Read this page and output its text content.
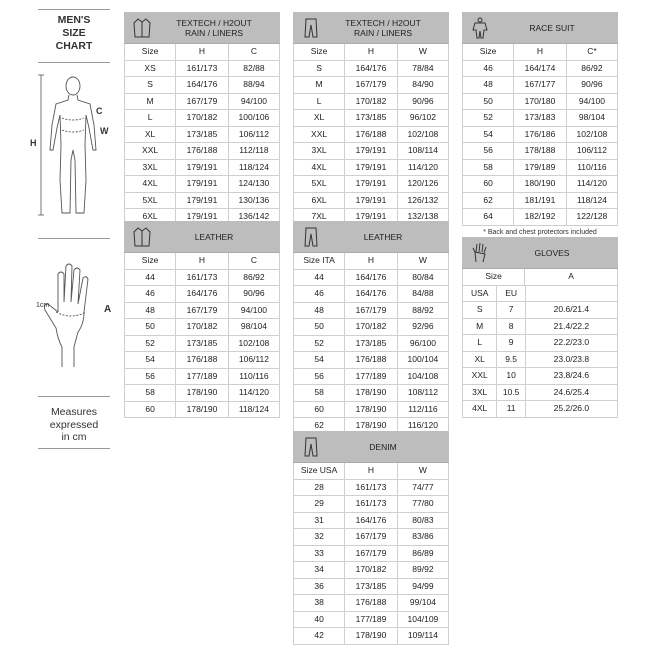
MEN'S
SIZE
CHART
H
C
W
1cm	A
Measures
expressed
in cm
TEXTECH / H2OUT
RAIN / LINERS
Size	H	C
XS	161/173	82/88
S	164/176	88/94
M	167/179	94/100
L	170/182	100/106
XL	173/185	106/112
XXL	176/188	112/118
3XL	179/191	118/124
4XL	179/191	124/130
5XL	179/191	130/136
6XL	179/191	136/142
LEATHER
Size	H	C
44	161/173	86/92
46	164/176	90/96
48	167/179	94/100
50	170/182	98/104
52	173/185	102/108
54	176/188	106/112
56	177/189	110/116
58	178/190	114/120
60	178/190	118/124
TEXTECH / H2OUT
RAIN / LINERS
Size	H	W
S	164/176	78/84
M	167/179	84/90
L	170/182	90/96
XL	173/185	96/102
XXL	176/188	102/108
3XL	179/191	108/114
4XL	179/191	114/120
5XL	179/191	120/126
6XL	179/191	126/132
7XL	179/191	132/138
LEATHER
Size ITA	H	W
44	164/176	80/84
46	164/176	84/88
48	167/179	88/92
50	170/182	92/96
52	173/185	96/100
54	176/188	100/104
56	177/189	104/108
58	178/190	108/112
60	178/190	112/116
62	178/190	116/120
DENIM
Size USA	H	W
28	161/173	74/77
29	161/173	77/80
31	164/176	80/83
32	167/179	83/86
33	167/179	86/89
34	170/182	89/92
36	173/185	94/99
38	176/188	99/104
40	177/189	104/109
42	178/190	109/114
RACE SUIT
Size	H	C*
46	164/174	86/92
48	167/177	90/96
50	170/180	94/100
52	173/183	98/104
54	176/186	102/108
56	178/188	106/112
58	179/189	110/116
60	180/190	114/120
62	181/191	118/124
64	182/192	122/128
* Back and chest protectors included
GLOVES
Size	A
USA	EU
S	7	20.6/21.4
M	8	21.4/22.2
L	9	22.2/23.0
XL	9.5	23.0/23.8
XXL	10	23.8/24.6
3XL	10.5	24.6/25.4
4XL	11	25.2/26.0
